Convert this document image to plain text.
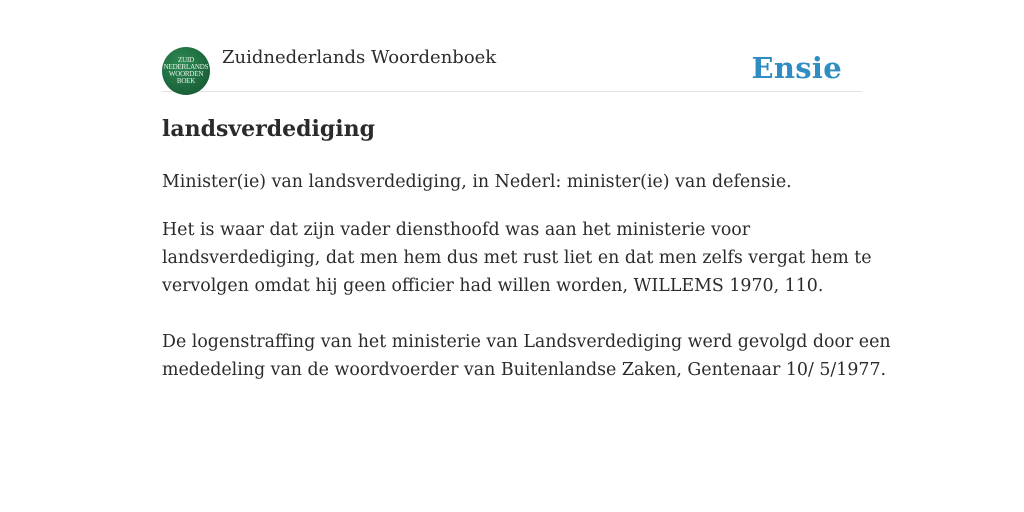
ZUID
NEDERLANDS
WOORDEN
BOEK
Zuidnederlands Woordenboek	Ensie
landsverdediging

Minister(ie) van landsverdediging, in Nederl: minister(ie) van defensie.

Het is waar dat zijn vader diensthoofd was aan het ministerie voor
landsverdediging, dat men hem dus met rust liet en dat men zelfs vergat hem te
vervolgen omdat hij geen officier had willen worden, WILLEMS 1970, 110.

De logenstraffing van het ministerie van Landsverdediging werd gevolgd door een
mededeling van de woordvoerder van Buitenlandse Zaken, Gentenaar 10/ 5/1977.
